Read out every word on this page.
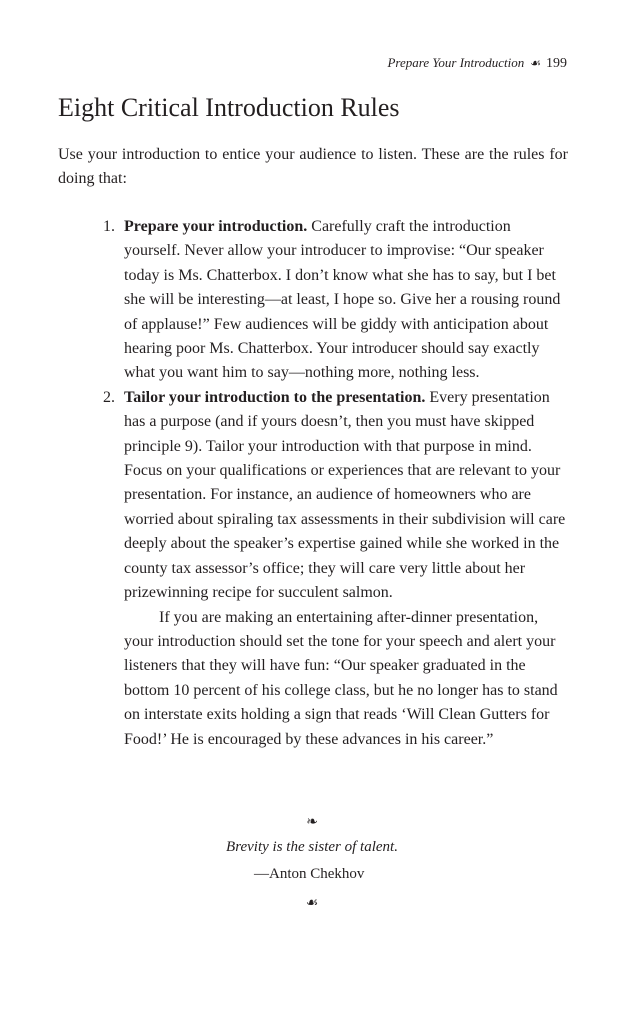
Prepare Your Introduction ☙ 199
Eight Critical Introduction Rules

Use your introduction to entice your audience to listen. These are the rules for doing that:

1. Prepare your introduction. Carefully craft the introduction yourself. Never allow your introducer to improvise: “Our speaker today is Ms. Chatterbox. I don’t know what she has to say, but I bet she will be interesting—at least, I hope so. Give her a rousing round of applause!” Few audiences will be giddy with anticipation about hearing poor Ms. Chatterbox. Your introducer should say exactly what you want him to say—nothing more, nothing less.

2. Tailor your introduction to the presentation. Every presentation has a purpose (and if yours doesn’t, then you must have skipped principle 9). Tailor your introduction with that purpose in mind. Focus on your qualifications or experiences that are relevant to your presentation. For instance, an audience of homeowners who are worried about spiraling tax assessments in their subdivision will care deeply about the speaker’s expertise gained while she worked in the county tax assessor’s office; they will care very little about her prizewinning recipe for succulent salmon.

If you are making an entertaining after-dinner presentation, your introduction should set the tone for your speech and alert your listeners that they will have fun: “Our speaker graduated in the bottom 10 percent of his college class, but he no longer has to stand on interstate exits holding a sign that reads ‘Will Clean Gutters for Food!’ He is encouraged by these advances in his career.”

❧
Brevity is the sister of talent.
—Anton Chekhov
☙
